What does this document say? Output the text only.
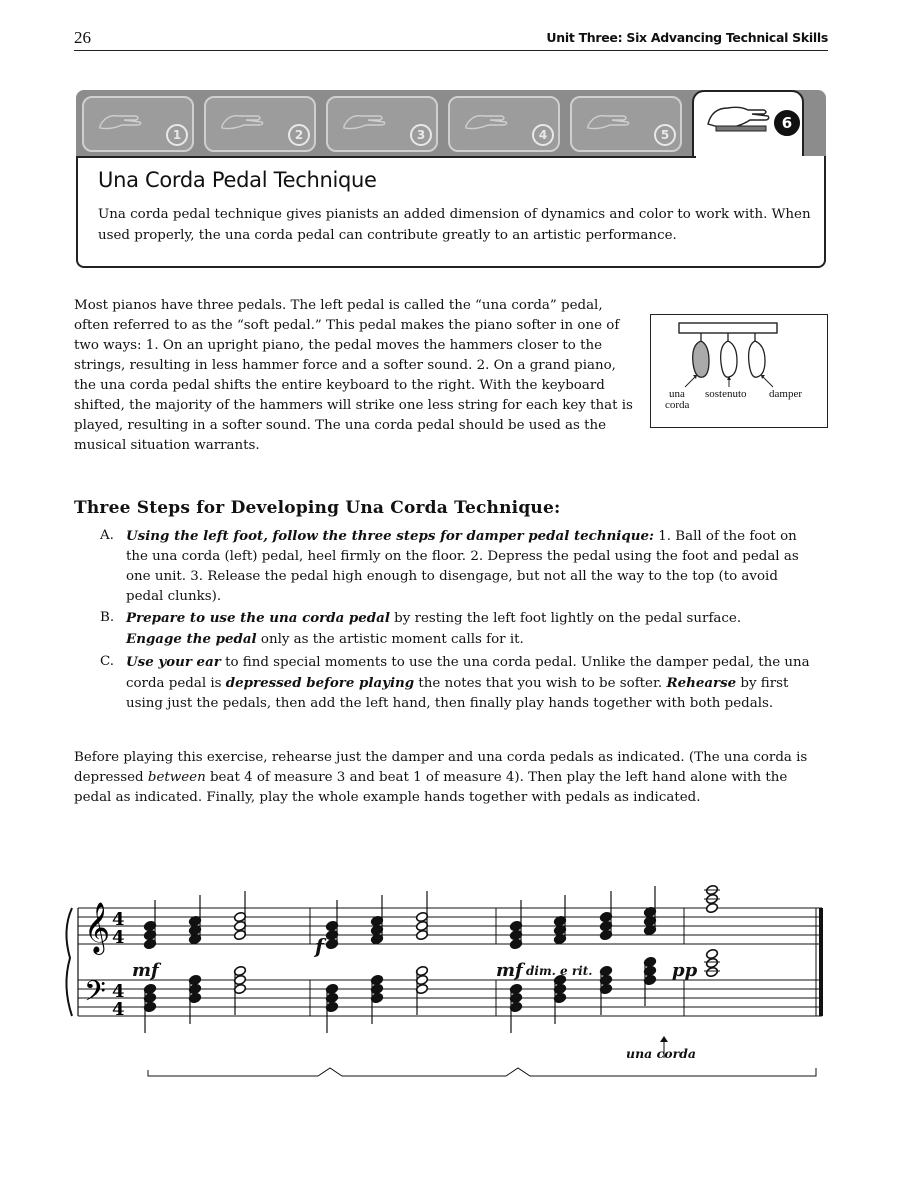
26	Unit Three: Six Advancing Technical Skills
1	2	3	4	5
6
Una Corda Pedal Technique
Una corda pedal technique gives pianists an added dimension of dynamics and color to work with. When used properly, the una corda pedal can contribute greatly to an artistic performance.
Most pianos have three pedals. The left pedal is called the “una corda” pedal, often referred to as the “soft pedal.” This pedal makes the piano softer in one of two ways: 1. On an upright piano, the pedal moves the hammers closer to the strings, resulting in less hammer force and a softer sound. 2. On a grand piano, the una corda pedal shifts the entire keyboard to the right. With the keyboard shifted, the majority of the hammers will strike one less string for each key that is played, resulting in a softer sound. The una corda pedal should be used as the musical situation warrants.
una
corda
sostenuto damper
Three Steps for Developing Una Corda Technique:
A. Using the left foot, follow the three steps for damper pedal technique: 1. Ball of the foot on the una corda (left) pedal, heel firmly on the floor. 2. Depress the pedal using the foot and pedal as one unit. 3. Release the pedal high enough to disengage, but not all the way to the top (to avoid pedal clunks).
B. Prepare to use the una corda pedal by resting the left foot lightly on the pedal surface.
Engage the pedal only as the artistic moment calls for it.
C. Use your ear to find special moments to use the una corda pedal. Unlike the damper pedal, the una corda pedal is depressed before playing the notes that you wish to be softer. Rehearse by first using just the pedals, then add the left hand, then finally play hands together with both pedals.
Before playing this exercise, rehearse just the damper and una corda pedals as indicated. (The una corda is depressed between beat 4 of measure 3 and beat 1 of measure 4). Then play the left hand alone with the pedal as indicated. Finally, play the whole example hands together with pedals as indicated.
𝄞
𝄢
4
4
4
4
mf
f
mf dim. e rit.	pp
una corda
